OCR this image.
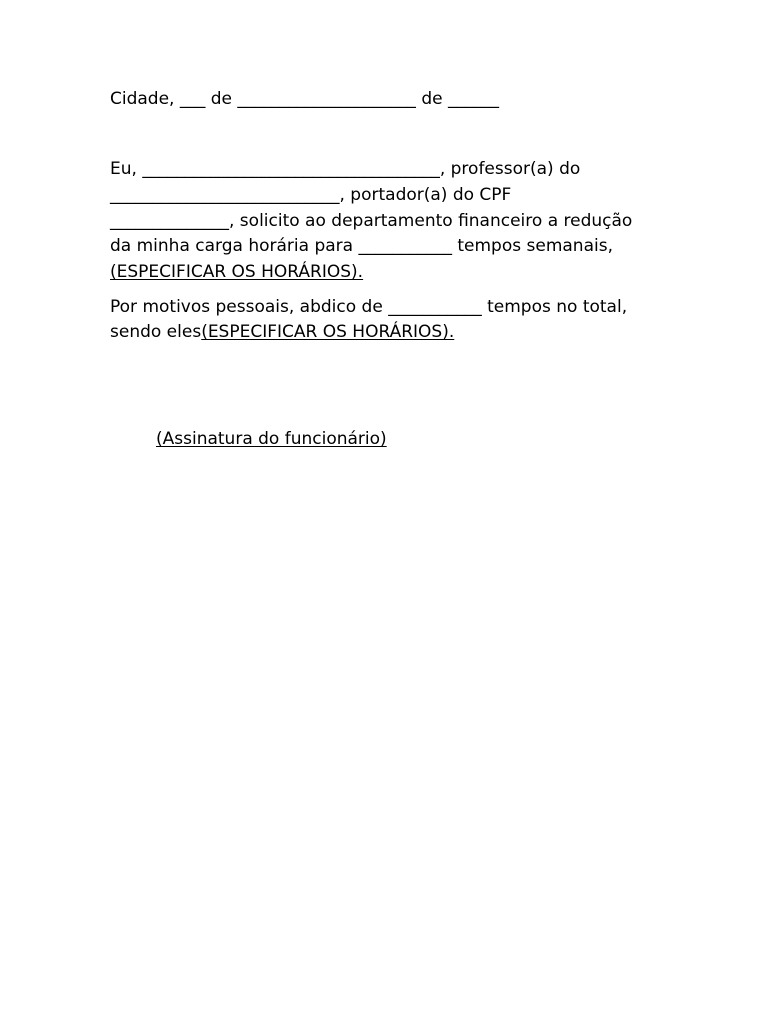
Cidade, ___ de _____________________ de ______
Eu, ___________________________________, professor(a) do
___________________________, portador(a) do CPF
______________, solicito ao departamento financeiro a redução
da minha carga horária para ___________ tempos semanais,
(ESPECIFICAR OS HORÁRIOS).
Por motivos pessoais, abdico de ___________ tempos no total,
sendo eles(ESPECIFICAR OS HORÁRIOS).
(Assinatura do funcionário)
